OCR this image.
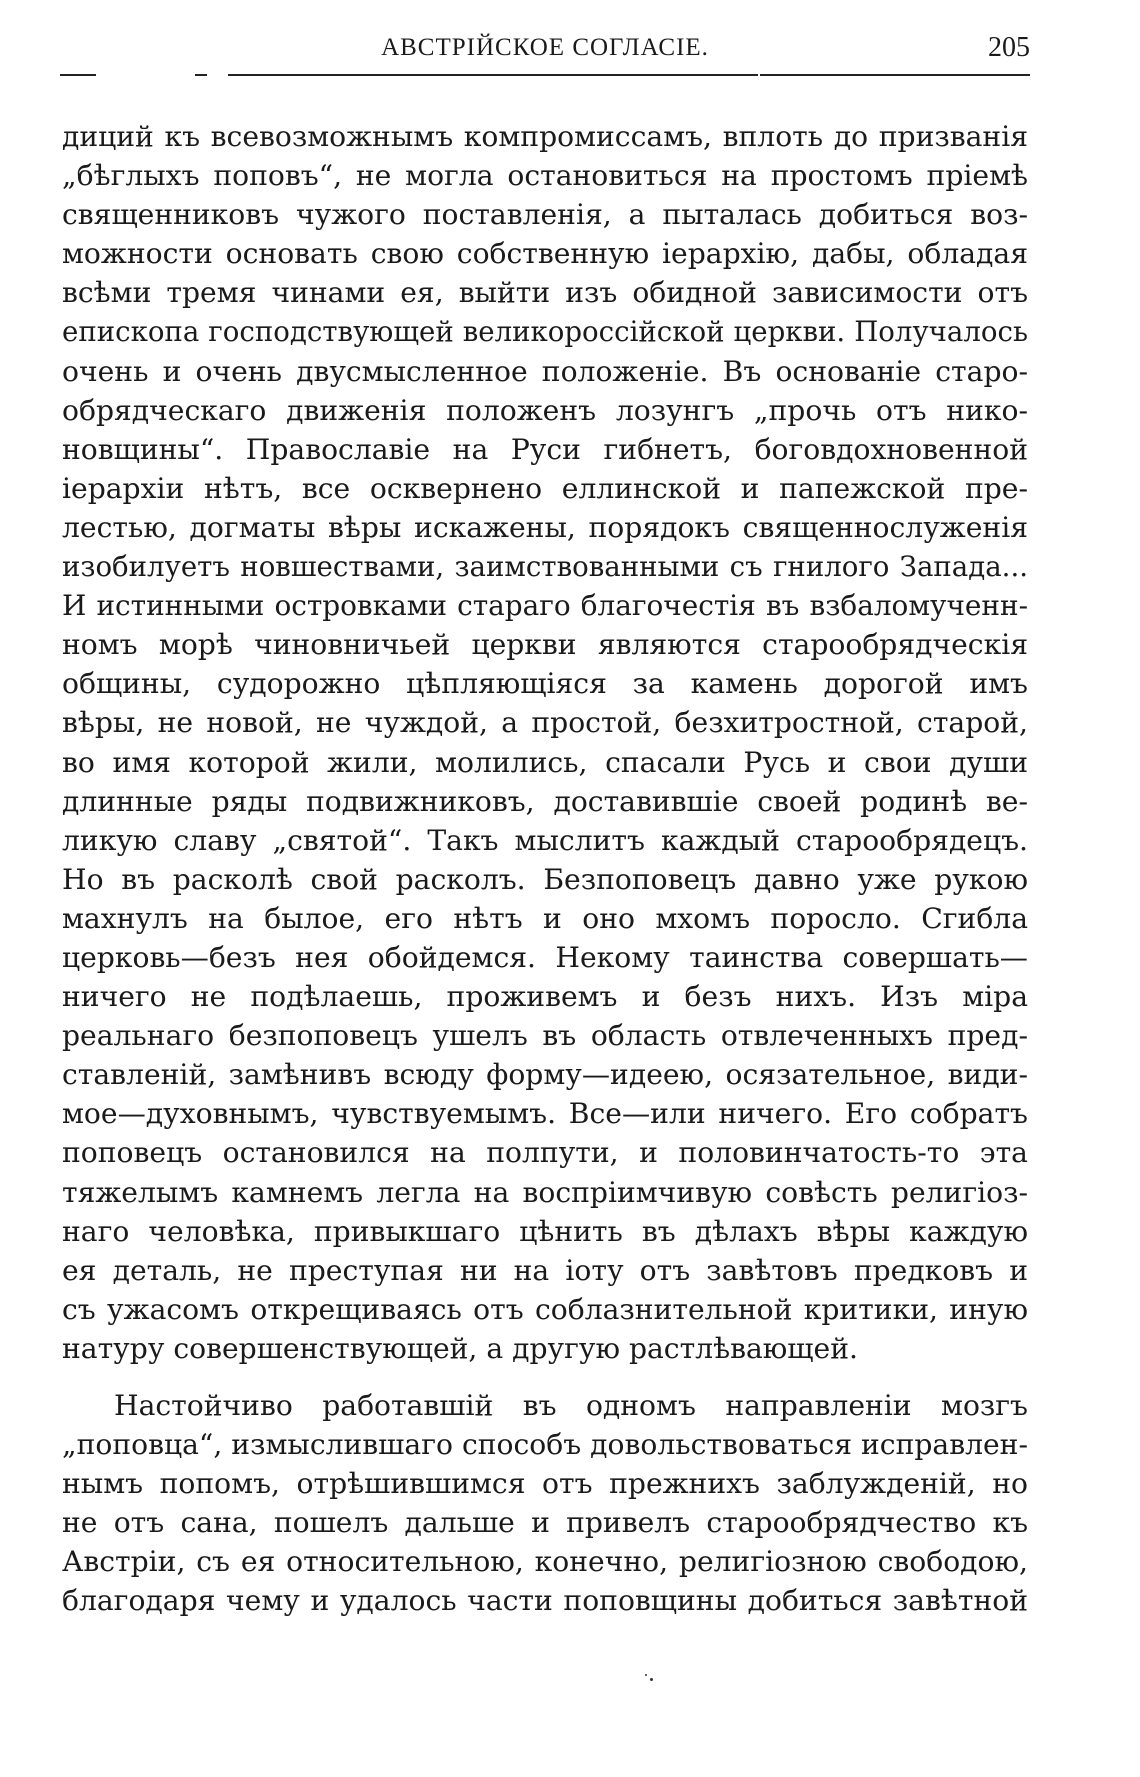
АВСТРІЙСКОЕ СОГЛАСІЕ.	205
диций къ всевозможнымъ компромиссамъ, вплоть до призванія
„бѣглыхъ поповъ“, не могла остановиться на простомъ пріемѣ
священниковъ чужого поставленія, а пыталась добиться воз-
можности основать свою собственную іерархію, дабы, обладая
всѣми тремя чинами ея, выйти изъ обидной зависимости отъ
епископа господствующей великороссійской церкви. Получалось
очень и очень двусмысленное положеніе. Въ основаніе старо-
обрядческаго движенія положенъ лозунгъ „прочь отъ нико-
новщины“. Православіе на Руси гибнетъ, боговдохновенной
іерархіи нѣтъ, все осквернено еллинской и папежской пре-
лестью, догматы вѣры искажены, порядокъ священнослуженія
изобилуетъ новшествами, заимствованными съ гнилого Запада...
И истинными островками стараго благочестія въ взбаломученн-
номъ морѣ чиновничьей церкви являются старообрядческія
общины, судорожно цѣпляющіяся за камень дорогой имъ
вѣры, не новой, не чуждой, а простой, безхитростной, старой,
во имя которой жили, молились, спасали Русь и свои души
длинные ряды подвижниковъ, доставившіе своей родинѣ ве-
ликую славу „святой“. Такъ мыслитъ каждый старообрядецъ.
Но въ расколѣ свой расколъ. Безпоповецъ давно уже рукою
махнулъ на былое, его нѣтъ и оно мхомъ поросло. Сгибла
церковь—безъ нея обойдемся. Некому таинства совершать—
ничего не подѣлаешь, проживемъ и безъ нихъ. Изъ міра
реальнаго безпоповецъ ушелъ въ область отвлеченныхъ пред-
ставленій, замѣнивъ всюду форму—идеею, осязательное, види-
мое—духовнымъ, чувствуемымъ. Все—или ничего. Его собратъ
поповецъ остановился на полпути, и половинчатость-то эта
тяжелымъ камнемъ легла на воспріимчивую совѣсть религіоз-
наго человѣка, привыкшаго цѣнить въ дѣлахъ вѣры каждую
ея деталь, не преступая ни на іоту отъ завѣтовъ предковъ и
съ ужасомъ открещиваясь отъ соблазнительной критики, иную
натуру совершенствующей, а другую растлѣвающей.
Настойчиво работавшій въ одномъ направленіи мозгъ
„поповца“, измыслившаго способъ довольствоваться исправлен-
нымъ попомъ, отрѣшившимся отъ прежнихъ заблужденій, но
не отъ сана, пошелъ дальше и привелъ старообрядчество къ
Австріи, съ ея относительною, конечно, религіозною свободою,
благодаря чему и удалось части поповщины добиться завѣтной
